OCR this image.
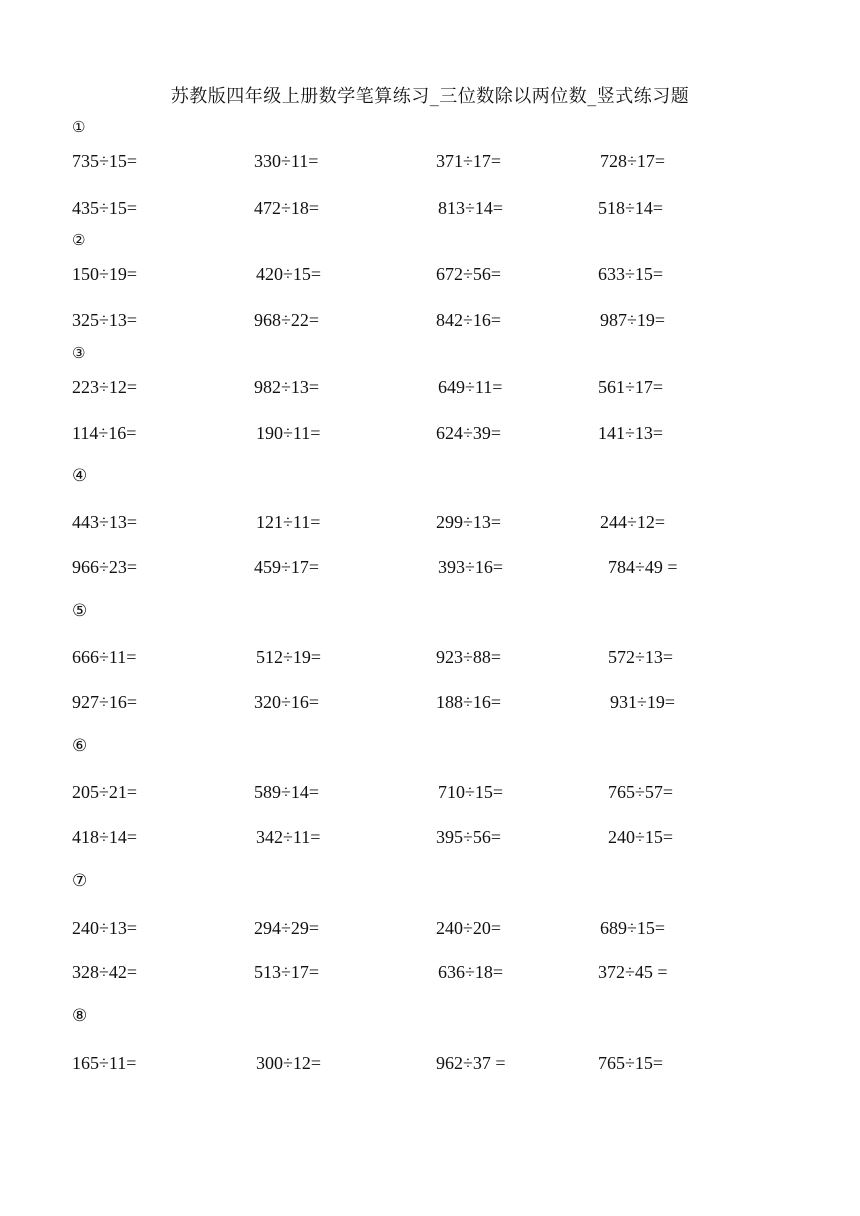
苏教版四年级上册数学笔算练习_三位数除以两位数_竖式练习题
①
735÷15=	330÷11=	371÷17=	728÷17=
435÷15=	472÷18=	813÷14=	518÷14=
②
150÷19=	420÷15=	672÷56=	633÷15=
325÷13=	968÷22=	842÷16=	987÷19=
③
223÷12=	982÷13=	649÷11=	561÷17=
114÷16=	190÷11=	624÷39=	141÷13=
④
443÷13=	121÷11=	299÷13=	244÷12=
966÷23=	459÷17=	393÷16=	784÷49 =
⑤
666÷11=	512÷19=	923÷88=	572÷13=
927÷16=	320÷16=	188÷16=	931÷19=
⑥
205÷21=	589÷14=	710÷15=	765÷57=
418÷14=	342÷11=	395÷56=	240÷15=
⑦
240÷13=	294÷29=	240÷20=	689÷15=
328÷42=	513÷17=	636÷18=	372÷45 =
⑧
165÷11=	300÷12=	962÷37 =	765÷15=
